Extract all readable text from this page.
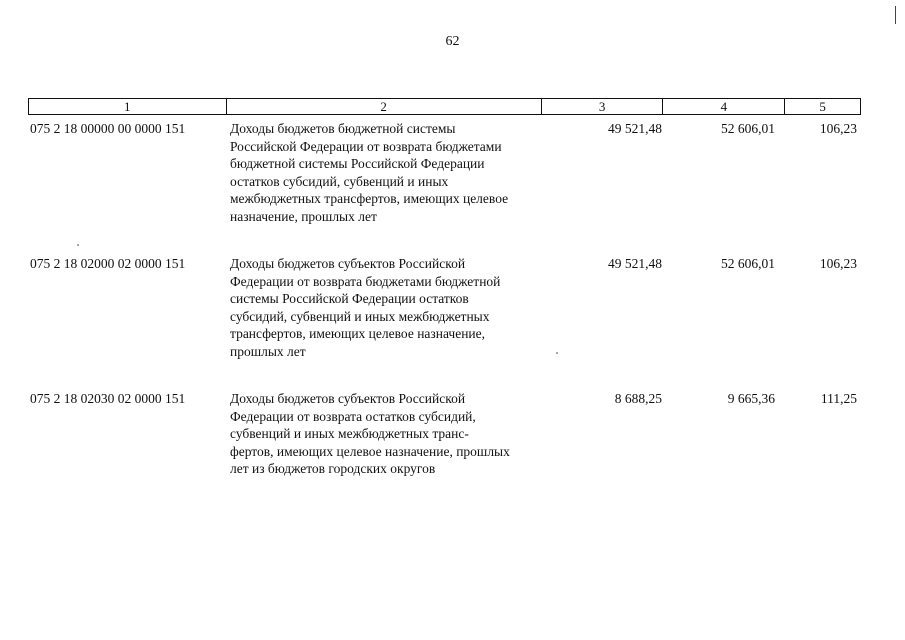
62
1	2	3	4	5
075 2 18 00000 00 0000 151	Доходы бюджетов бюджетной системы
Российской Федерации от возврата бюджетами
бюджетной системы Российской Федерации
остатков субсидий, субвенций и иных
межбюджетных трансфертов, имеющих целевое
назначение, прошлых лет
49 521,48	52 606,01	106,23
075 2 18 02000 02 0000 151	Доходы бюджетов субъектов Российской
Федерации от возврата бюджетами бюджетной
системы Российской Федерации остатков
субсидий, субвенций и иных межбюджетных
трансфертов, имеющих целевое назначение,
прошлых лет
49 521,48	52 606,01	106,23
075 2 18 02030 02 0000 151	Доходы бюджетов субъектов Российской
Федерации от возврата остатков субсидий,
субвенций и иных межбюджетных транс-
фертов, имеющих целевое назначение, прошлых
лет из бюджетов городских округов
8 688,25	9 665,36	111,25
